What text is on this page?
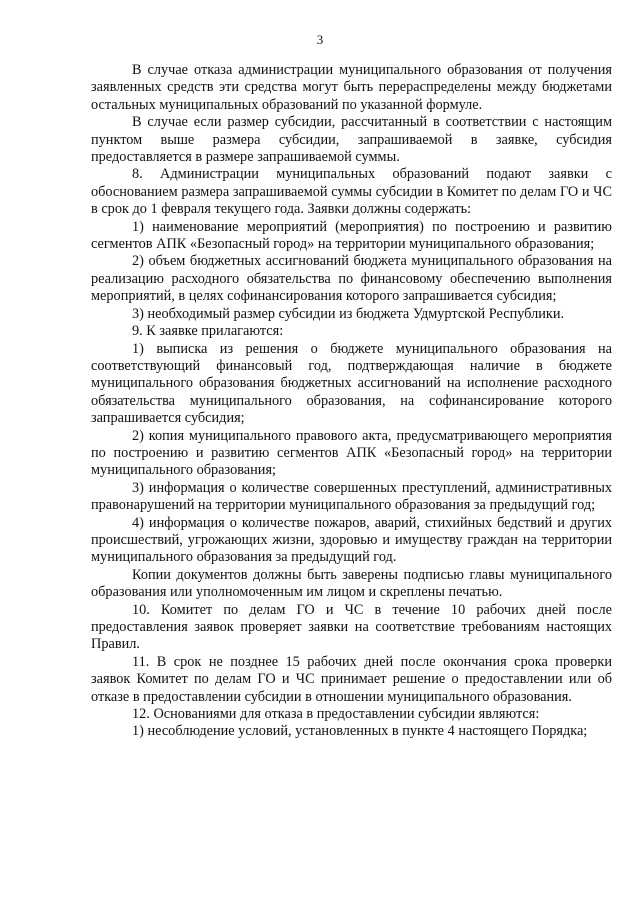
3

В случае отказа администрации муниципального образования от получения заявленных средств эти средства могут быть перераспределены между бюджетами остальных муниципальных образований по указанной формуле.

В случае если размер субсидии, рассчитанный в соответствии с настоящим пунктом выше размера субсидии, запрашиваемой в заявке, субсидия предоставляется в размере запрашиваемой суммы.

8. Администрации муниципальных образований подают заявки с обоснованием размера запрашиваемой суммы субсидии в Комитет по делам ГО и ЧС в срок до 1 февраля текущего года. Заявки должны содержать:

1) наименование мероприятий (мероприятия) по построению и развитию сегментов АПК «Безопасный город» на территории муниципального образования;

2) объем бюджетных ассигнований бюджета муниципального образования на реализацию расходного обязательства по финансовому обеспечению выполнения мероприятий, в целях софинансирования которого запрашивается субсидия;

3) необходимый размер субсидии из бюджета Удмуртской Республики.

9. К заявке прилагаются:

1) выписка из решения о бюджете муниципального образования на соответствующий финансовый год, подтверждающая наличие в бюджете муниципального образования бюджетных ассигнований на исполнение расходного обязательства муниципального образования, на софинансирование которого запрашивается субсидия;

2) копия муниципального правового акта, предусматривающего мероприятия по построению и развитию сегментов АПК «Безопасный город» на территории муниципального образования;

3) информация о количестве совершенных преступлений, административных правонарушений на территории муниципального образования за предыдущий год;

4) информация о количестве пожаров, аварий, стихийных бедствий и других происшествий, угрожающих жизни, здоровью и имуществу граждан на территории муниципального образования за предыдущий год.

Копии документов должны быть заверены подписью главы муниципального образования или уполномоченным им лицом и скреплены печатью.

10. Комитет по делам ГО и ЧС в течение 10 рабочих дней после предоставления заявок проверяет заявки на соответствие требованиям настоящих Правил.

11. В срок не позднее 15 рабочих дней после окончания срока проверки заявок Комитет по делам ГО и ЧС принимает решение о предоставлении или об отказе в предоставлении субсидии в отношении муниципального образования.

12. Основаниями для отказа в предоставлении субсидии являются:

1) несоблюдение условий, установленных в пункте 4 настоящего Порядка;
